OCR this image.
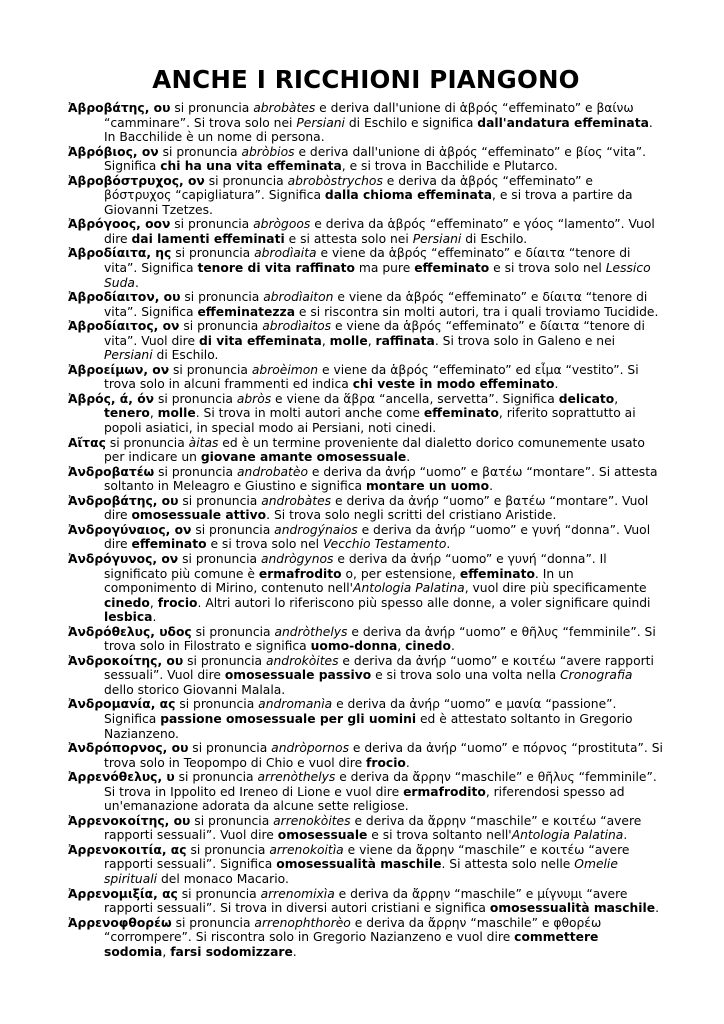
ANCHE I RICCHIONI PIANGONO

Ἀβροβάτης, ου si pronuncia abrobàtes e deriva dall'unione di ἁβρός “effeminato” e βαίνω “camminare”. Si trova solo nei Persiani di Eschilo e significa dall'andatura effeminata. In Bacchilide è un nome di persona.

Ἀβρόβιος, ον si pronuncia abròbios e deriva dall'unione di ἁβρός “effeminato” e βίος “vita”. Significa chi ha una vita effeminata, e si trova in Bacchilide e Plutarco.

Ἀβροβόστρυχος, ον si pronuncia abrobòstrychos e deriva da ἁβρός “effeminato” e βόστρυχος “capigliatura”. Significa dalla chioma effeminata, e si trova a partire da Giovanni Tzetzes.

Ἀβρόγοος, οον si pronuncia abrògoos e deriva da ἁβρός “effeminato” e γόος “lamento”. Vuol dire dai lamenti effeminati e si attesta solo nei Persiani di Eschilo.

Ἀβροδίαιτα, ης si pronuncia abrodìaita e viene da ἁβρός “effeminato” e δίαιτα “tenore di vita”. Significa tenore di vita raffinato ma pure effeminato e si trova solo nel Lessico Suda.

Ἀβροδίαιτον, ου si pronuncia abrodìaiton e viene da ἁβρός “effeminato” e δίαιτα “tenore di vita”. Significa effeminatezza e si riscontra sin molti autori, tra i quali troviamo Tucidide.

Ἀβροδίαιτος, ον si pronuncia abrodìaitos e viene da ἁβρός “effeminato” e δίαιτα “tenore di vita”. Vuol dire di vita effeminata, molle, raffinata. Si trova solo in Galeno e nei Persiani di Eschilo.

Ἀβροείμων, ον si pronuncia abroèimon e viene da ἁβρός “effeminato” ed εἶμα “vestito”. Si trova solo in alcuni frammenti ed indica chi veste in modo effeminato.

Ἀβρός, ά, όν si pronuncia abròs e viene da ἅβρα “ancella, servetta”. Significa delicato, tenero, molle. Si trova in molti autori anche come effeminato, riferito soprattutto ai popoli asiatici, in special modo ai Persiani, noti cinedi.

Αἴτας si pronuncia àitas ed è un termine proveniente dal dialetto dorico comunemente usato per indicare un giovane amante omosessuale.

Ἀνδροβατέω si pronuncia androbatèo e deriva da ἀνήρ “uomo” e βατέω “montare”. Si attesta soltanto in Meleagro e Giustino e significa montare un uomo.

Ἀνδροβάτης, ου si pronuncia androbàtes e deriva da ἀνήρ “uomo” e βατέω “montare”. Vuol dire omosessuale attivo. Si trova solo negli scritti del cristiano Aristide.

Ἀνδρογύναιος, ον si pronuncia androgýnaios e deriva da ἀνήρ “uomo” e γυνή “donna”. Vuol dire effeminato e si trova solo nel Vecchio Testamento.

Ἀνδρόγυνος, ον si pronuncia andrògynos e deriva da ἀνήρ “uomo” e γυνή “donna”. Il significato più comune è ermafrodito o, per estensione, effeminato. In un componimento di Mirino, contenuto nell'Antologia Palatina, vuol dire più specificamente cinedo, frocio. Altri autori lo riferiscono più spesso alle donne, a voler significare quindi lesbica.

Ἀνδρόθελυς, υδος si pronuncia andròthelys e deriva da ἀνήρ “uomo” e θῆλυς “femminile”. Si trova solo in Filostrato e significa uomo-donna, cinedo.

Ἀνδροκοίτης, ου si pronuncia androkòites e deriva da ἀνήρ “uomo” e κοιτέω “avere rapporti sessuali”. Vuol dire omosessuale passivo e si trova solo una volta nella Cronografia dello storico Giovanni Malala.

Ἀνδρομανία, ας si pronuncia andromanìa e deriva da ἀνήρ “uomo” e μανία “passione”. Significa passione omosessuale per gli uomini ed è attestato soltanto in Gregorio Nazianzeno.

Ἀνδρόπορνος, ου si pronuncia andròpornos e deriva da ἀνήρ “uomo” e πόρνος “prostituta”. Si trova solo in Teopompo di Chio e vuol dire frocio.

Ἀρρενόθελυς, υ si pronuncia arrenòthelys e deriva da ἄρρην “maschile” e θῆλυς “femminile”. Si trova in Ippolito ed Ireneo di Lione e vuol dire ermafrodito, riferendosi spesso ad un'emanazione adorata da alcune sette religiose.

Ἀρρενοκοίτης, ου si pronuncia arrenokòites e deriva da ἄρρην “maschile” e κοιτέω “avere rapporti sessuali”. Vuol dire omosessuale e si trova soltanto nell'Antologia Palatina.

Ἀρρενοκοιτία, ας si pronuncia arrenokoitìa e viene da ἄρρην “maschile” e κοιτέω “avere rapporti sessuali”. Significa omosessualità maschile. Si attesta solo nelle Omelie spirituali del monaco Macario.

Ἀρρενομιξία, ας si pronuncia arrenomixìa e deriva da ἄρρην “maschile” e μίγνυμι “avere rapporti sessuali”. Si trova in diversi autori cristiani e significa omosessualità maschile.

Ἀρρενοφθορέω si pronuncia arrenophthorèo e deriva da ἄρρην “maschile” e φθορέω “corrompere”. Si riscontra solo in Gregorio Nazianzeno e vuol dire commettere sodomia, farsi sodomizzare.
